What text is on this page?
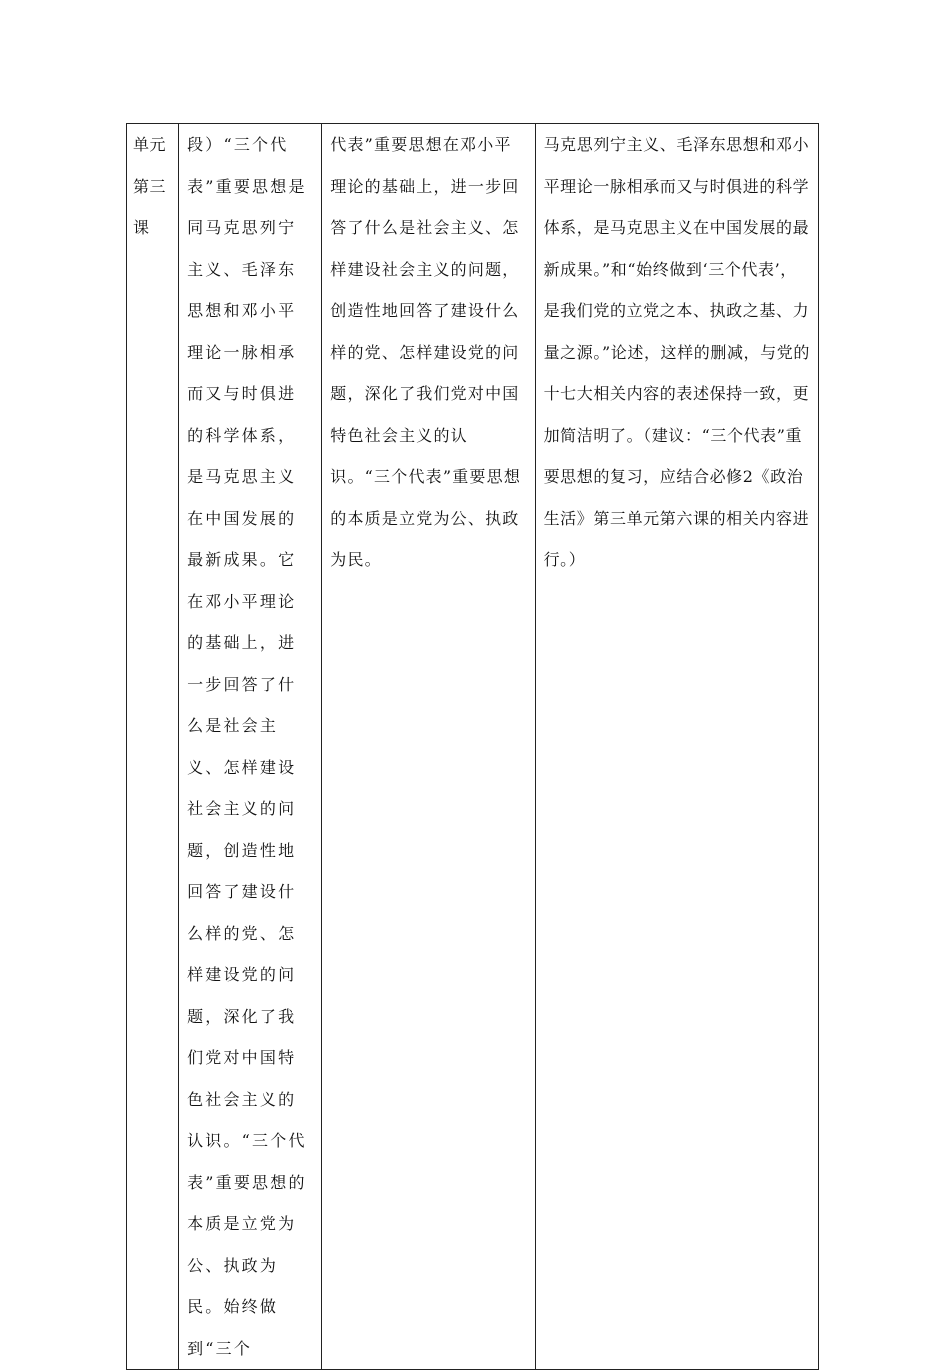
单元
第三
课

段）“三个代表”重要思想是同马克思列宁主义、毛泽东思想和邓小平理论一脉相承而又与时俱进的科学体系，是马克思主义在中国发展的最新成果。它在邓小平理论的基础上，进一步回答了什么是社会主义、怎样建设社会主义的问题，创造性地回答了建设什么样的党、怎样建设党的问题，深化了我们党对中国特色社会主义的认识。“三个代表”重要思想的本质是立党为公、执政为民。始终做到“三个

代表”重要思想在邓小平理论的基础上，进一步回答了什么是社会主义、怎样建设社会主义的问题，创造性地回答了建设什么样的党、怎样建设党的问题，深化了我们党对中国特色社会主义的认识。“三个代表”重要思想的本质是立党为公、执政为民。

马克思列宁主义、毛泽东思想和邓小平理论一脉相承而又与时俱进的科学体系，是马克思主义在中国发展的最新成果。”和“始终做到‘三个代表’，是我们党的立党之本、执政之基、力量之源。”论述，这样的删减，与党的十七大相关内容的表述保持一致，更加简洁明了。（建议：“三个代表”重要思想的复习，应结合必修2《政治生活》第三单元第六课的相关内容进行。）
